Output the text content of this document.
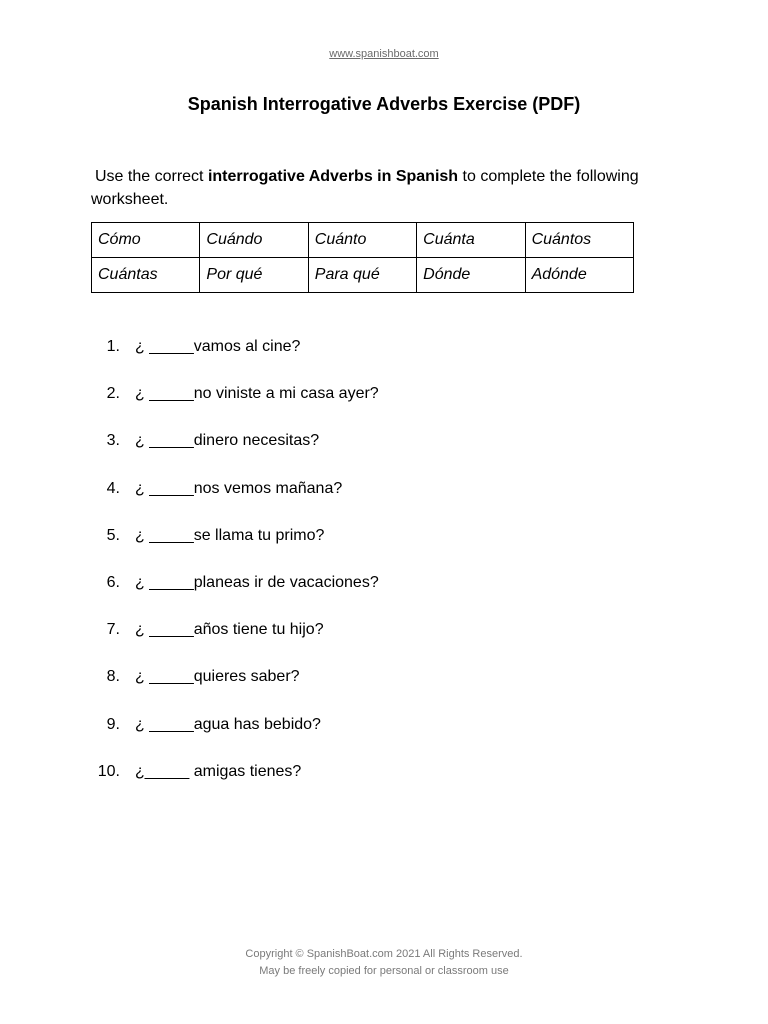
www.spanishboat.com
Spanish Interrogative Adverbs Exercise (PDF)

Use the correct interrogative Adverbs in Spanish to complete the following worksheet.

Cómo	Cuándo	Cuánto	Cuánta	Cuántos
Cuántas	Por qué	Para qué	Dónde	Adónde
1. ¿ _____vamos al cine?
2. ¿ _____no viniste a mi casa ayer?
3. ¿ _____dinero necesitas?
4. ¿ _____nos vemos mañana?
5. ¿ _____se llama tu primo?
6. ¿ _____planeas ir de vacaciones?
7. ¿ _____años tiene tu hijo?
8. ¿ _____quieres saber?
9. ¿ _____agua has bebido?
10. ¿_____ amigas tienes?
Copyright © SpanishBoat.com 2021 All Rights Reserved.
May be freely copied for personal or classroom use
